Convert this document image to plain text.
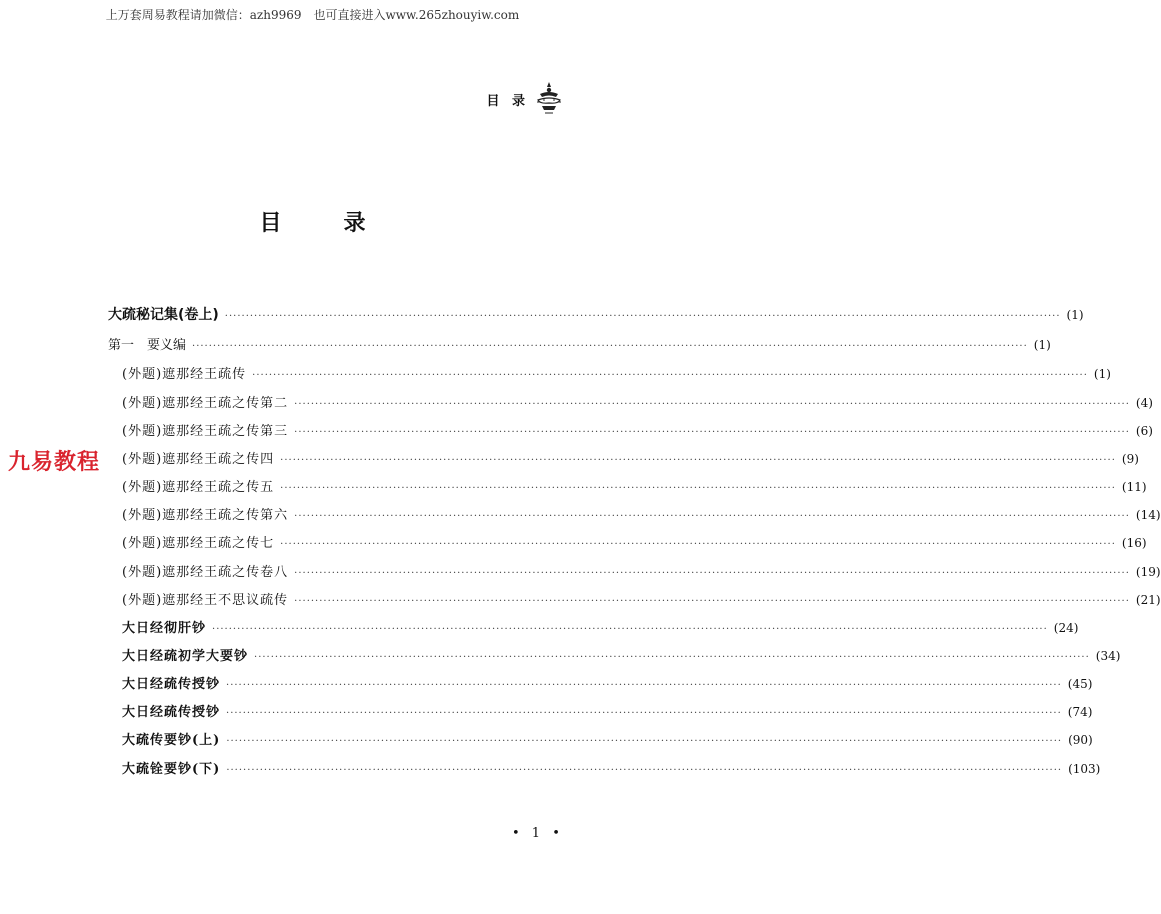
上万套周易教程请加微信：azh9969　也可直接进入www.265zhouyiw.com
目 录
目　录
九易教程
大疏秘记集(卷上) ········································································································································································································ (1)
第一　要义编 ········································································································································································································ (1)
(外题)遮那经王疏传 ········································································································································································································ (1)
(外题)遮那经王疏之传第二 ········································································································································································································ (4)
(外题)遮那经王疏之传第三 ········································································································································································································ (6)
(外题)遮那经王疏之传四 ········································································································································································································ (9)
(外题)遮那经王疏之传五 ········································································································································································································ (11)
(外题)遮那经王疏之传第六 ········································································································································································································ (14)
(外题)遮那经王疏之传七 ········································································································································································································ (16)
(外题)遮那经王疏之传卷八 ········································································································································································································ (19)
(外题)遮那经王不思议疏传 ········································································································································································································ (21)
大日经彻肝钞 ········································································································································································································ (24)
大日经疏初学大要钞 ········································································································································································································ (34)
大日经疏传授钞 ········································································································································································································ (45)
大日经疏传授钞 ········································································································································································································ (74)
大疏传要钞(上) ········································································································································································································ (90)
大疏铨要钞(下) ········································································································································································································ (103)
• 1 •
